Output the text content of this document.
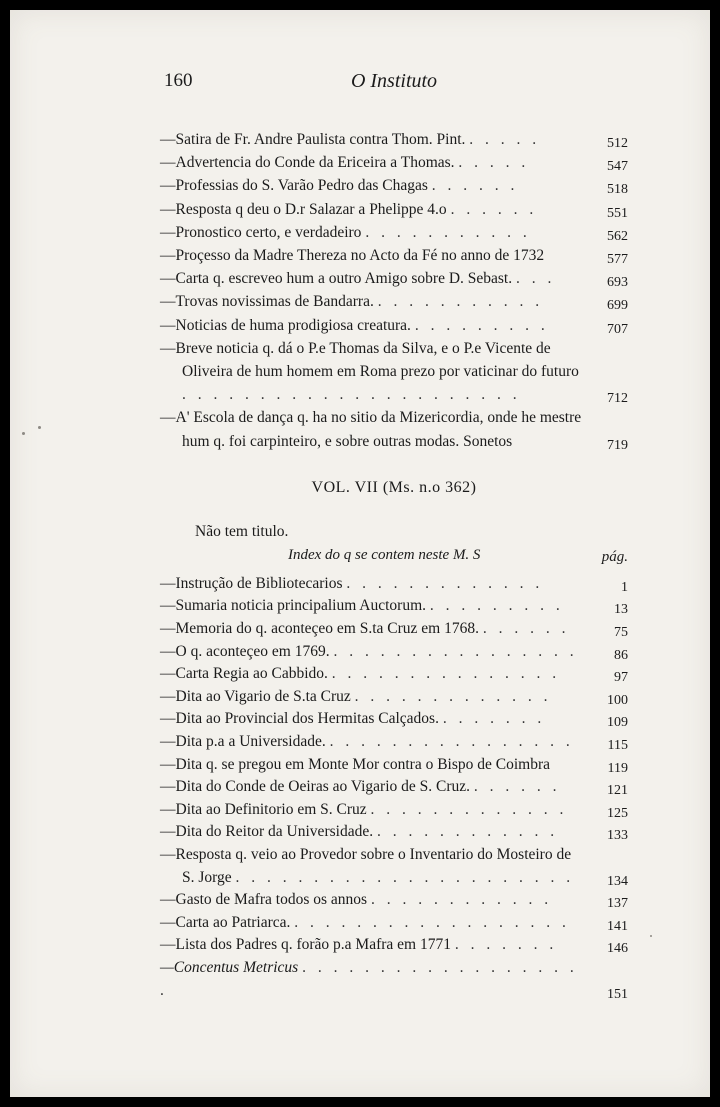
160	O Instituto
—Satira de Fr. Andre Paulista contra Thom. Pint. . . . . .	512
—Advertencia do Conde da Ericeira a Thomas. . . . . .	547
—Professias do S. Varão Pedro das Chagas . . . . . .	518
—Resposta q deu o D.r Salazar a Phelippe 4.o . . . . . .	551
—Pronostico certo, e verdadeiro . . . . . . . . . . .	562
—Proçesso da Madre Thereza no Acto da Fé no anno de 1732	577
—Carta q. escreveo hum a outro Amigo sobre D. Sebast. . . .	693
—Trovas novissimas de Bandarra. . . . . . . . . . . .	699
—Noticias de huma prodigiosa creatura. . . . . . . . . .	707
—Breve noticia q. dá o P.e Thomas da Silva, e o P.e Vicente de Oliveira de hum homem em Roma prezo por vaticinar do futuro . . . . . . . . . . . . . . . . . . . . . .	712
—A' Escola de dança q. ha no sitio da Mizericordia, onde he mestre hum q. foi carpinteiro, e sobre outras modas. Sonetos	719
VOL. VII (Ms. n.o 362)
Não tem titulo.
Index do q se contem neste M. S	pág.
—Instrução de Bibliotecarios . . . . . . . . . . . . .	1
—Sumaria noticia principalium Auctorum. . . . . . . . . .	13
—Memoria do q. aconteçeo em S.ta Cruz em 1768. . . . . . .	75
—O q. aconteçeo em 1769. . . . . . . . . . . . . . . . .	86
—Carta Regia ao Cabbido. . . . . . . . . . . . . . . .	97
—Dita ao Vigario de S.ta Cruz . . . . . . . . . . . . .	100
—Dita ao Provincial dos Hermitas Calçados. . . . . . . .	109
—Dita p.a a Universidade. . . . . . . . . . . . . . . . .	115
—Dita q. se pregou em Monte Mor contra o Bispo de Coimbra	119
—Dita do Conde de Oeiras ao Vigario de S. Cruz. . . . . . .	121
—Dita ao Definitorio em S. Cruz . . . . . . . . . . . . .	125
—Dita do Reitor da Universidade. . . . . . . . . . . . .	133
—Resposta q. veio ao Provedor sobre o Inventario do Mosteiro de S. Jorge . . . . . . . . . . . . . . . . . . . . . .	134
—Gasto de Mafra todos os annos . . . . . . . . . . . .	137
—Carta ao Patriarca. . . . . . . . . . . . . . . . . . .	141
—Lista dos Padres q. forão p.a Mafra em 1771 . . . . . . .	146
—Concentus Metricus . . . . . . . . . . . . . . . . . . .	151
